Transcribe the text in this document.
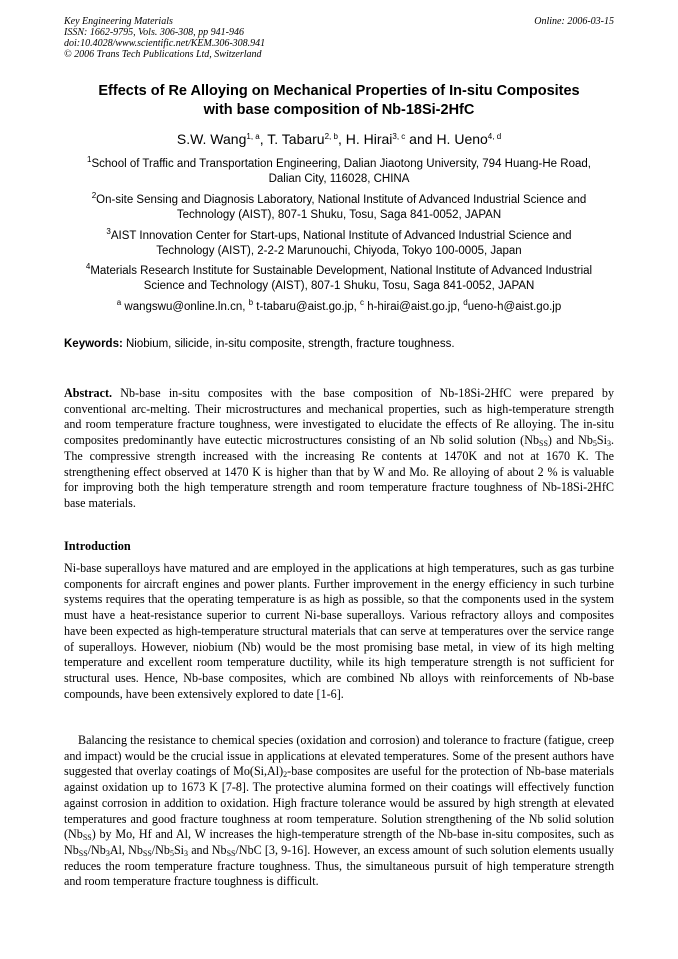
Key Engineering Materials
ISSN: 1662-9795, Vols. 306-308, pp 941-946
doi:10.4028/www.scientific.net/KEM.306-308.941
© 2006 Trans Tech Publications Ltd, Switzerland
Online: 2006-03-15
Effects of Re Alloying on Mechanical Properties of In-situ Composites
with base composition of Nb-18Si-2HfC
S.W. Wang$^{1, a}$, T. Tabaru$^{2, b}$, H. Hirai$^{3, c}$ and H. Ueno$^{4, d}$
$^1$School of Traffic and Transportation Engineering, Dalian Jiaotong University, 794 Huang-He Road,
Dalian City, 116028, CHINA
$^2$On-site Sensing and Diagnosis Laboratory, National Institute of Advanced Industrial Science and
Technology (AIST), 807-1 Shuku, Tosu, Saga 841-0052, JAPAN
$^3$AIST Innovation Center for Start-ups, National Institute of Advanced Industrial Science and
Technology (AIST), 2-2-2 Marunouchi, Chiyoda, Tokyo 100-0005, Japan
$^4$Materials Research Institute for Sustainable Development, National Institute of Advanced Industrial
Science and Technology (AIST), 807-1 Shuku, Tosu, Saga 841-0052, JAPAN
$^a$ wangswu@online.ln.cn, $^b$ t-tabaru@aist.go.jp, $^c$ h-hirai@aist.go.jp, $^d$ueno-h@aist.go.jp
Keywords: Niobium, silicide, in-situ composite, strength, fracture toughness.
Abstract. Nb-base in-situ composites with the base composition of Nb-18Si-2HfC were prepared by conventional arc-melting. Their microstructures and mechanical properties, such as high-temperature strength and room temperature fracture toughness, were investigated to elucidate the effects of Re alloying. The in-situ composites predominantly have eutectic microstructures consisting of an Nb solid solution $(Nb_{SS})$ and $Nb_5Si_3$. The compressive strength increased with the increasing Re contents at 1470K and not at 1670 K. The strengthening effect observed at 1470 K is higher than that by W and Mo. Re alloying of about 2 % is valuable for improving both the high temperature strength and room temperature fracture toughness of Nb-18Si-2HfC base materials.
Introduction
Ni-base superalloys have matured and are employed in the applications at high temperatures, such as gas turbine components for aircraft engines and power plants. Further improvement in the energy efficiency in such turbine systems requires that the operating temperature is as high as possible, so that the components used in the system must have a heat-resistance superior to current Ni-base superalloys. Various refractory alloys and composites have been expected as high-temperature structural materials that can serve at temperatures over the service range of superalloys. However, niobium (Nb) would be the most promising base metal, in view of its high melting temperature and excellent room temperature ductility, while its high temperature strength is not sufficient for structural uses. Hence, Nb-base composites, which are combined Nb alloys with reinforcements of Nb-base compounds, have been extensively explored to date [1-6].
Balancing the resistance to chemical species (oxidation and corrosion) and tolerance to fracture (fatigue, creep and impact) would be the crucial issue in applications at elevated temperatures. Some of the present authors have suggested that overlay coatings of $Mo(Si,Al)_2$-base composites are useful for the protection of Nb-base materials against oxidation up to 1673 K [7-8]. The protective alumina formed on their coatings will effectively function against corrosion in addition to oxidation. High fracture tolerance would be assured by high strength at elevated temperatures and good fracture toughness at room temperature. Solution strengthening of the Nb solid solution $(Nb_{SS})$ by Mo, Hf and Al, W increases the high-temperature strength of the Nb-base in-situ composites, such as $Nb_{SS}/Nb_3Al$, $Nb_{SS}/Nb_5Si_3$ and $Nb_{SS}$/NbC [3, 9-16]. However, an excess amount of such solution elements usually reduces the room temperature fracture toughness. Thus, the simultaneous pursuit of high temperature strength and room temperature fracture toughness is difficult.
